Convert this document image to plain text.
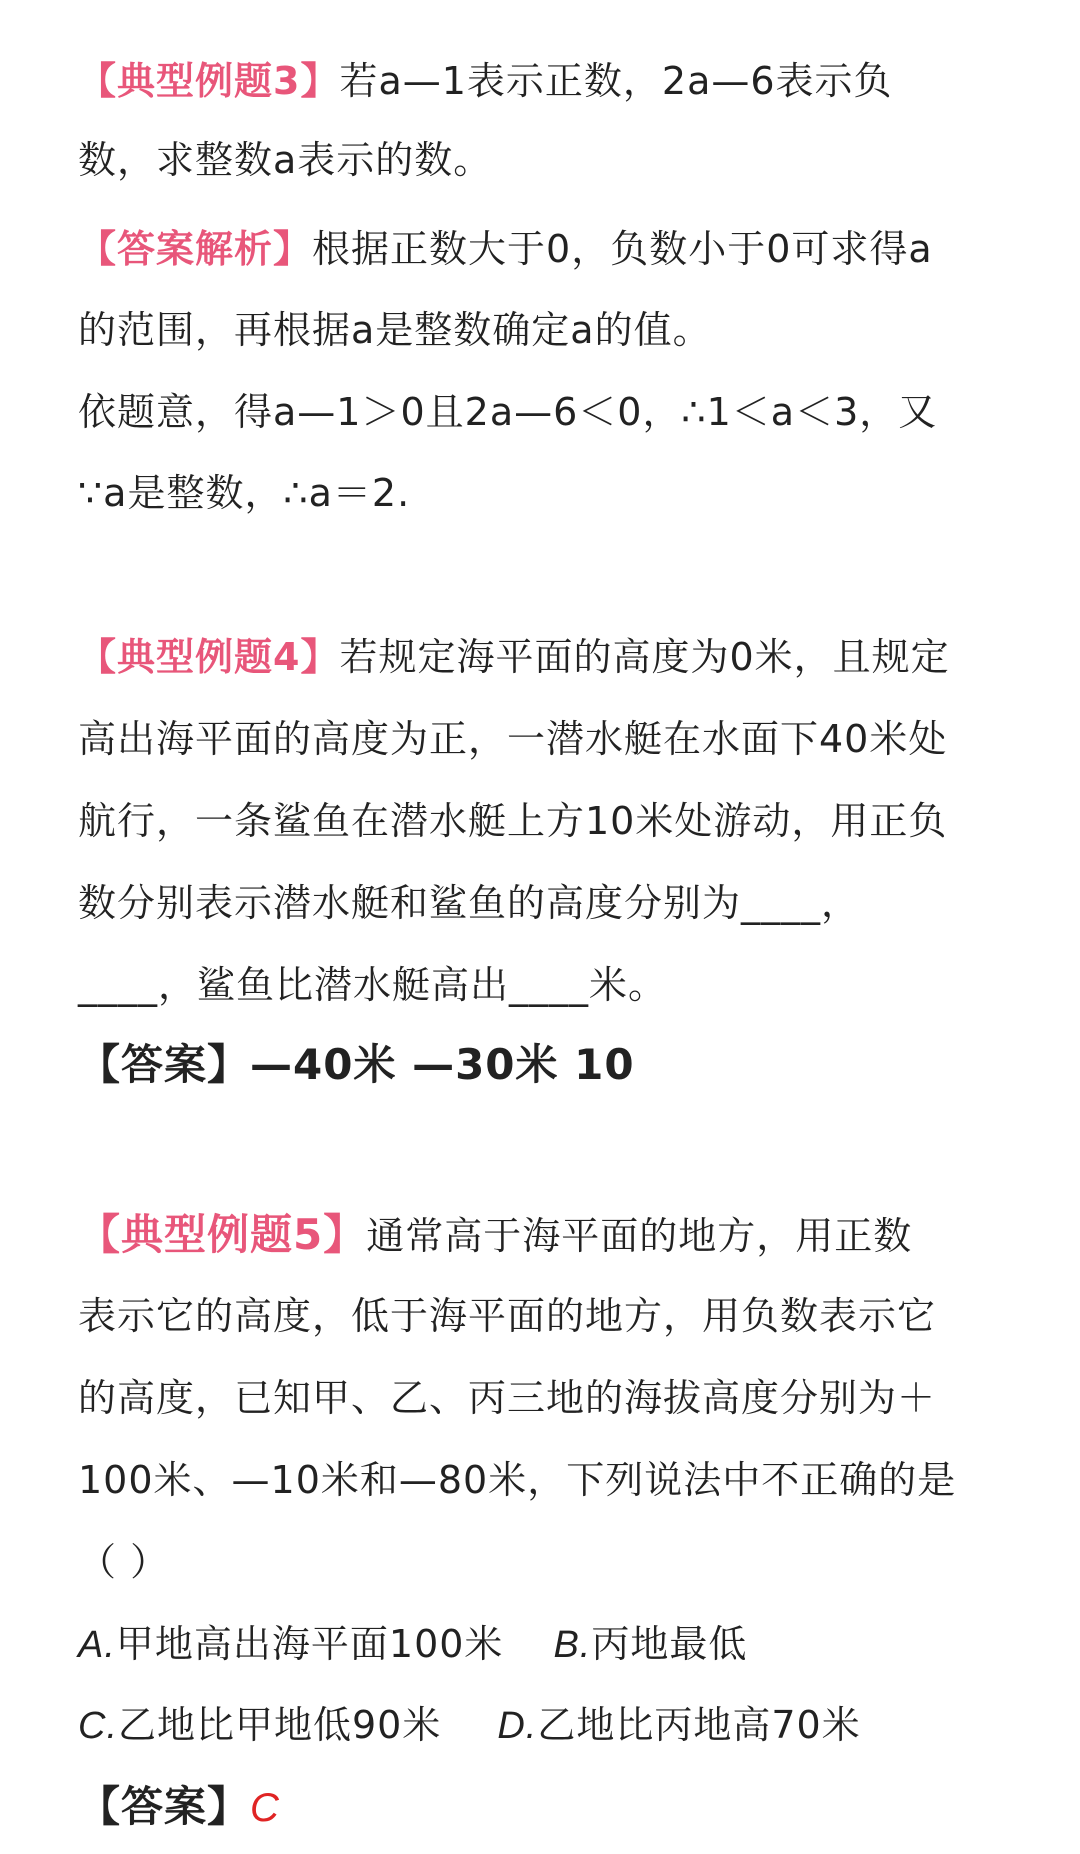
【典型例题3】若a—1表示正数，2a—6表示负
数，求整数a表示的数。
【答案解析】根据正数大于0，负数小于0可求得a
的范围，再根据a是整数确定a的值。
依题意，得a—1＞0且2a—6＜0，∴1＜a＜3，又
∵a是整数，∴a＝2.
【典型例题4】若规定海平面的高度为0米，且规定
高出海平面的高度为正，一潜水艇在水面下40米处
航行，一条鲨鱼在潜水艇上方10米处游动，用正负
数分别表示潜水艇和鲨鱼的高度分别为____，
____，鲨鱼比潜水艇高出____米。
【答案】—40米 —30米 10
【典型例题5】通常高于海平面的地方，用正数
表示它的高度，低于海平面的地方，用负数表示它
的高度，已知甲、乙、丙三地的海拔高度分别为＋
100米、—10米和—80米，下列说法中不正确的是
（ ）
A.甲地高出海平面100米 B.丙地最低
C.乙地比甲地低90米 D.乙地比丙地高70米
【答案】C
